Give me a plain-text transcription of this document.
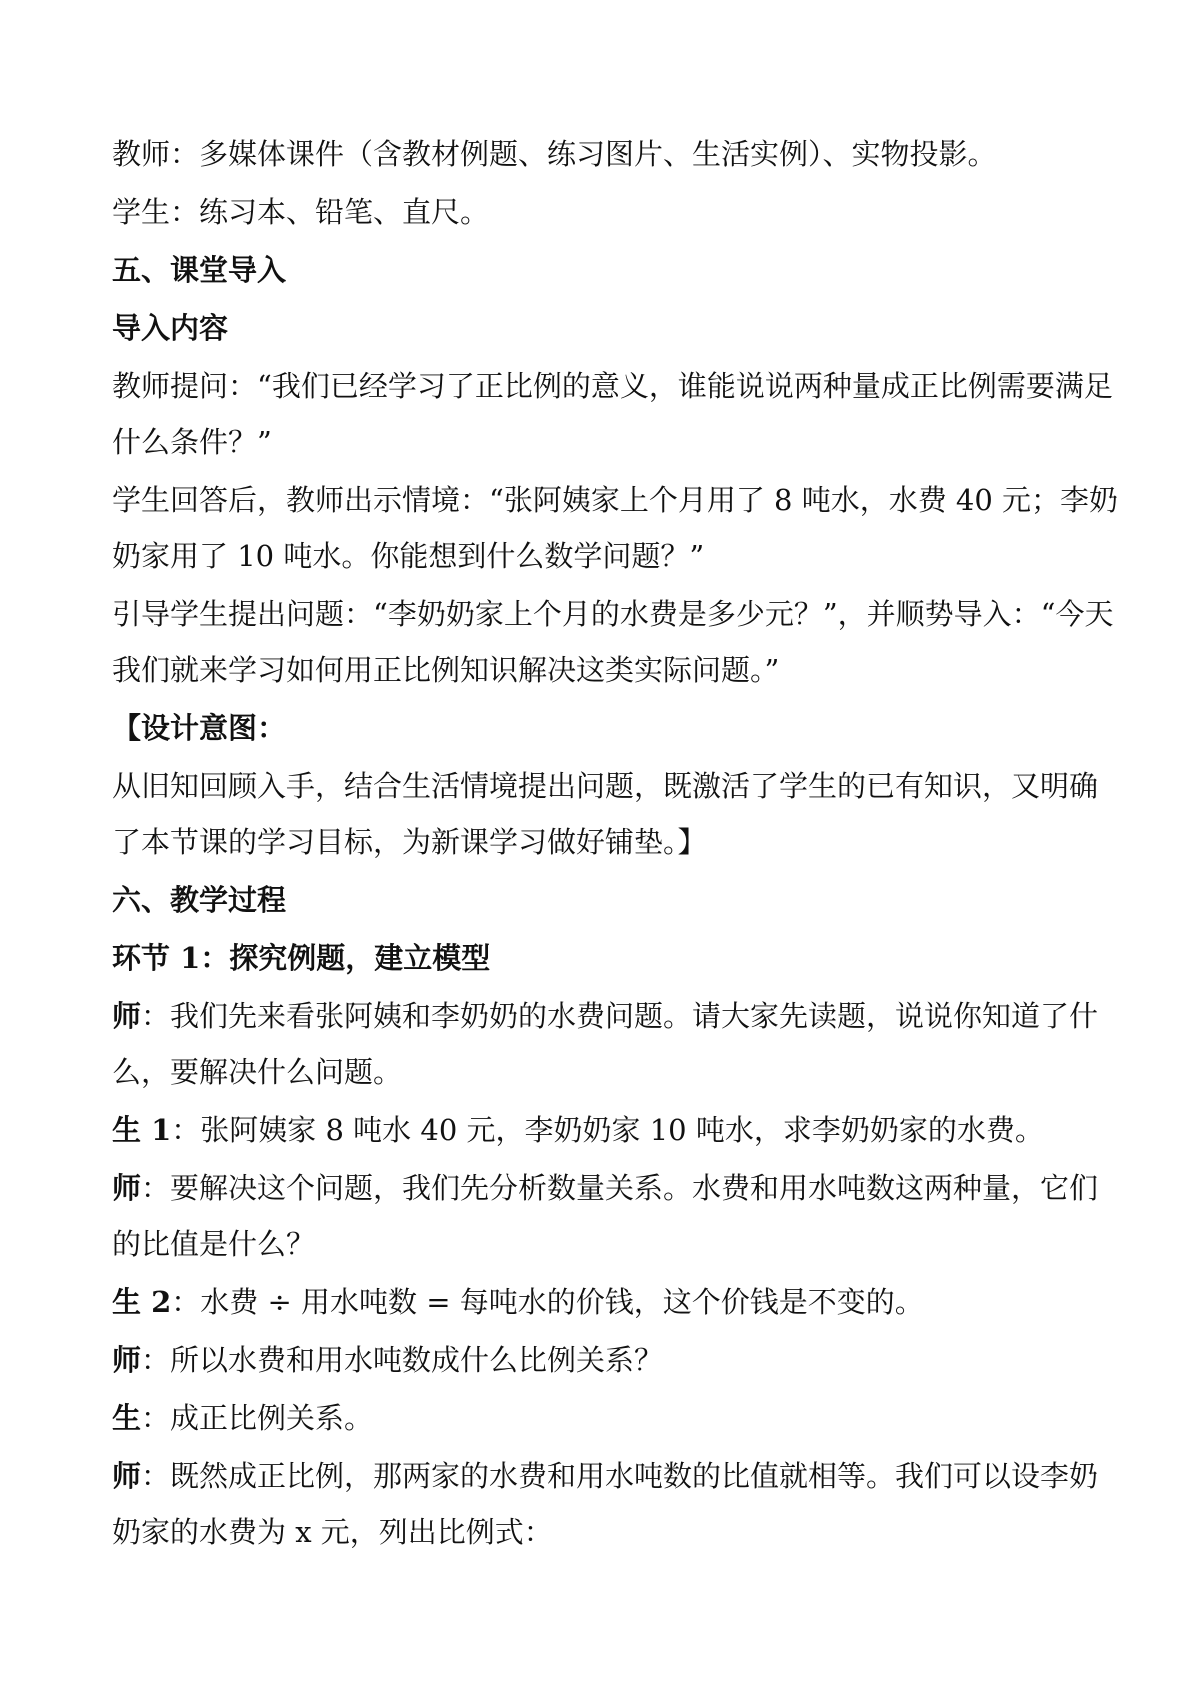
教师：多媒体课件（含教材例题、练习图片、生活实例）、实物投影。

学生：练习本、铅笔、直尺。

五、课堂导入

导入内容

教师提问：“我们已经学习了正比例的意义，谁能说说两种量成正比例需要满足

什么条件？”

学生回答后，教师出示情境：“张阿姨家上个月用了 8 吨水，水费 40 元；李奶

奶家用了 10 吨水。你能想到什么数学问题？”

引导学生提出问题：“李奶奶家上个月的水费是多少元？”，并顺势导入：“今天

我们就来学习如何用正比例知识解决这类实际问题。”

【设计意图：

从旧知回顾入手，结合生活情境提出问题，既激活了学生的已有知识，又明确

了本节课的学习目标，为新课学习做好铺垫。】

六、教学过程

环节 1：探究例题，建立模型

师：我们先来看张阿姨和李奶奶的水费问题。请大家先读题，说说你知道了什

么，要解决什么问题。

生 1：张阿姨家 8 吨水 40 元，李奶奶家 10 吨水，求李奶奶家的水费。

师：要解决这个问题，我们先分析数量关系。水费和用水吨数这两种量，它们

的比值是什么？

生 2：水费 ÷ 用水吨数 = 每吨水的价钱，这个价钱是不变的。

师：所以水费和用水吨数成什么比例关系？

生：成正比例关系。

师：既然成正比例，那两家的水费和用水吨数的比值就相等。我们可以设李奶

奶家的水费为 x 元，列出比例式：
